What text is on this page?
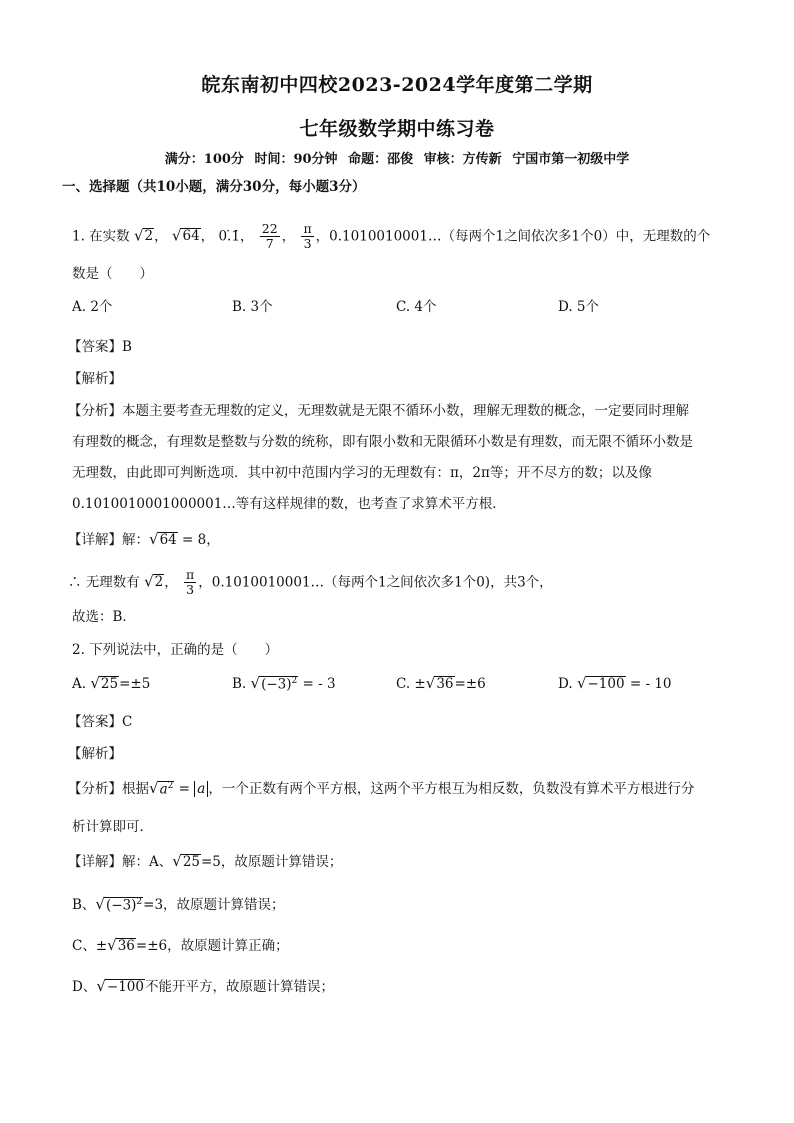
皖东南初中四校2023-2024学年度第二学期
七年级数学期中练习卷
满分：100分 时间：90分钟 命题：邵俊 审核：方传新 宁国市第一初级中学
一、选择题（共10小题，满分30分，每小题3分）
1. 在实数 √2， √64， 0.̇1̇， $\frac{22}{7}$ ， $\frac{\pi}{3}$ ，0.1010010001…（每两个1之间依次多1个0）中，无理数的个
数是（　　）
A. 2个	B. 3个	C. 4个	D. 5个
【答案】B
【解析】
【分析】本题主要考查无理数的定义，无理数就是无限不循环小数，理解无理数的概念，一定要同时理解
有理数的概念，有理数是整数与分数的统称，即有限小数和无限循环小数是有理数，而无限不循环小数是
无理数，由此即可判断选项．其中初中范围内学习的无理数有：π，2π等；开不尽方的数；以及像
0.1010010001000001…等有这样规律的数，也考查了求算术平方根．
【详解】解：√64 = 8，
∴ 无理数有 √2， $\frac{\pi}{3}$ ，0.1010010001…（每两个1之间依次多1个0)，共3个，
故选：B．
2. 下列说法中，正确的是（　　）
A. √25=±5	B. $√(-3)^2$ = - 3	C. ±√36=±6	D. √−100 = - 10
【答案】C
【解析】
【分析】根据$√a^2 = a$ ，一个正数有两个平方根，这两个平方根互为相反数，负数没有算术平方根进行分
析计算即可．
【详解】解：A、√25=5，故原题计算错误；
B、$√(-3)^2=3$，故原题计算错误；
C、±√36=±6，故原题计算正确；
D、√−100不能开平方，故原题计算错误；
